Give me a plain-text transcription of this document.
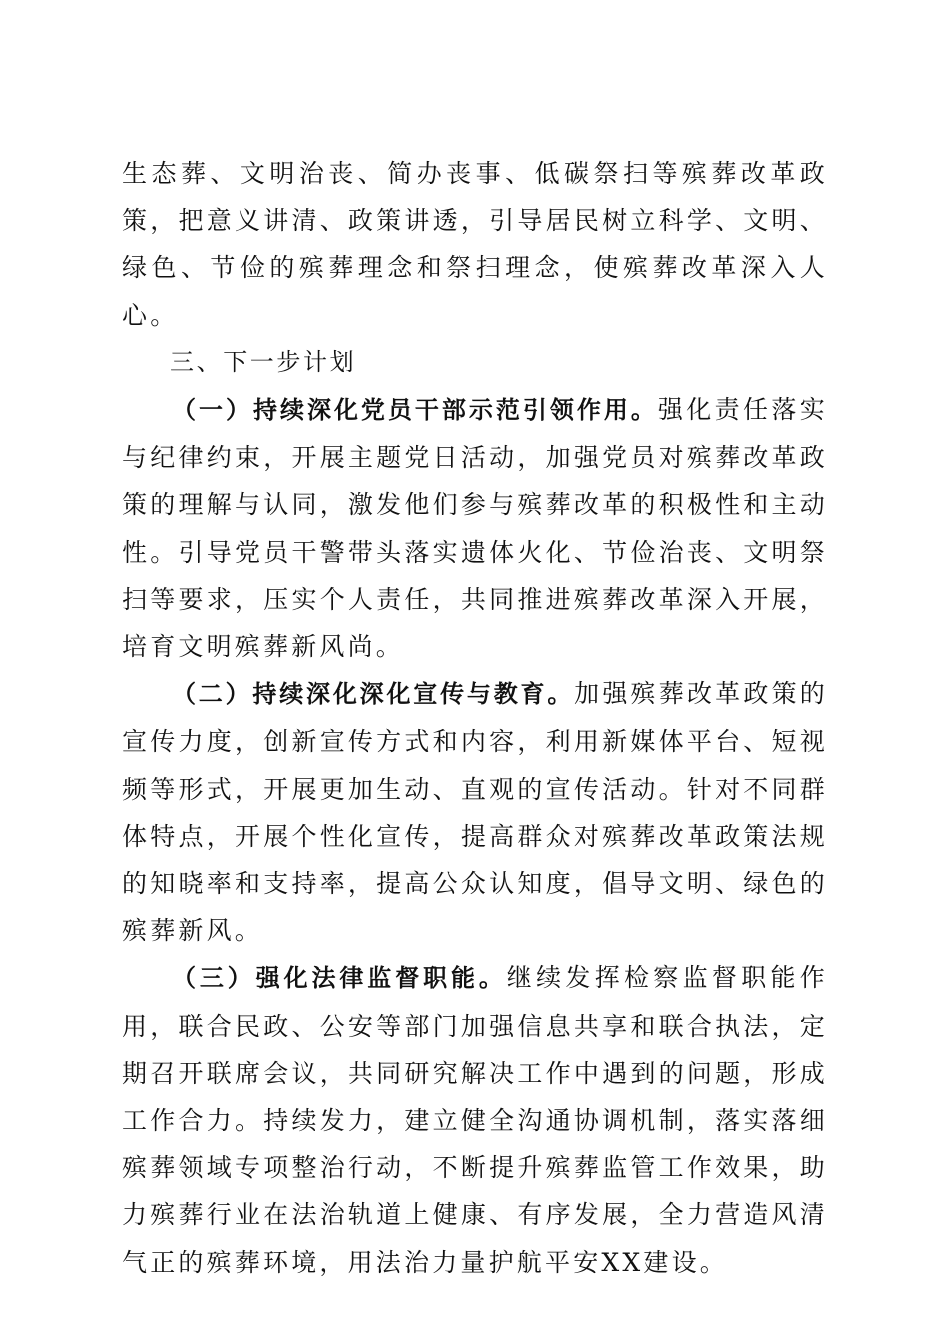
生态葬、文明治丧、简办丧事、低碳祭扫等殡葬改革政策，把意义讲清、政策讲透，引导居民树立科学、文明、绿色、节俭的殡葬理念和祭扫理念，使殡葬改革深入人心。

三、下一步计划

（一）持续深化党员干部示范引领作用。强化责任落实与纪律约束，开展主题党日活动，加强党员对殡葬改革政策的理解与认同，激发他们参与殡葬改革的积极性和主动性。引导党员干警带头落实遗体火化、节俭治丧、文明祭扫等要求，压实个人责任，共同推进殡葬改革深入开展，培育文明殡葬新风尚。

（二）持续深化深化宣传与教育。加强殡葬改革政策的宣传力度，创新宣传方式和内容，利用新媒体平台、短视频等形式，开展更加生动、直观的宣传活动。针对不同群体特点，开展个性化宣传，提高群众对殡葬改革政策法规的知晓率和支持率，提高公众认知度，倡导文明、绿色的殡葬新风。

（三）强化法律监督职能。继续发挥检察监督职能作用，联合民政、公安等部门加强信息共享和联合执法，定期召开联席会议，共同研究解决工作中遇到的问题，形成工作合力。持续发力，建立健全沟通协调机制，落实落细殡葬领域专项整治行动，不断提升殡葬监管工作效果，助力殡葬行业在法治轨道上健康、有序发展，全力营造风清气正的殡葬环境，用法治力量护航平安XX建设。
